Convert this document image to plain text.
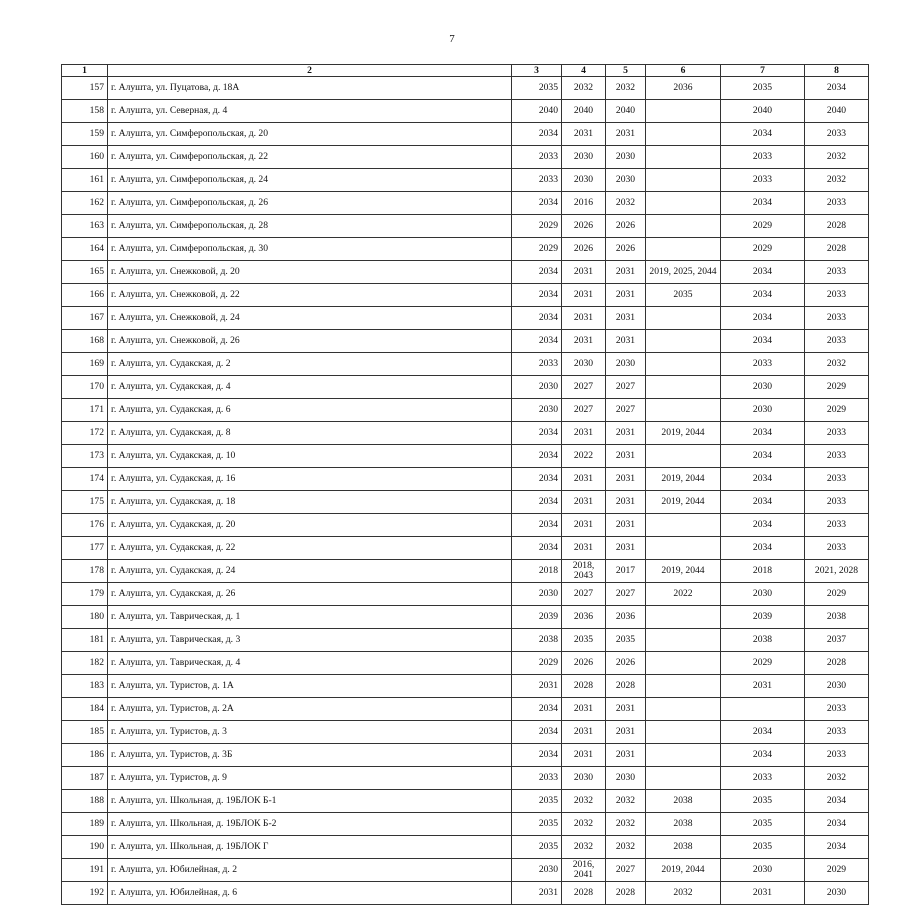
7
1	2	3	4	5	6	7	8
157	г. Алушта, ул. Пуцатова, д. 18А	2035	2032	2032	2036	2035	2034
158	г. Алушта, ул. Северная, д. 4	2040	2040	2040		2040	2040
159	г. Алушта, ул. Симферопольская, д. 20	2034	2031	2031		2034	2033
160	г. Алушта, ул. Симферопольская, д. 22	2033	2030	2030		2033	2032
161	г. Алушта, ул. Симферопольская, д. 24	2033	2030	2030		2033	2032
162	г. Алушта, ул. Симферопольская, д. 26	2034	2016	2032		2034	2033
163	г. Алушта, ул. Симферопольская, д. 28	2029	2026	2026		2029	2028
164	г. Алушта, ул. Симферопольская, д. 30	2029	2026	2026		2029	2028
165	г. Алушта, ул. Снежковой, д. 20	2034	2031	2031	2019, 2025, 2044	2034	2033
166	г. Алушта, ул. Снежковой, д. 22	2034	2031	2031	2035	2034	2033
167	г. Алушта, ул. Снежковой, д. 24	2034	2031	2031		2034	2033
168	г. Алушта, ул. Снежковой, д. 26	2034	2031	2031		2034	2033
169	г. Алушта, ул. Судакская, д. 2	2033	2030	2030		2033	2032
170	г. Алушта, ул. Судакская, д. 4	2030	2027	2027		2030	2029
171	г. Алушта, ул. Судакская, д. 6	2030	2027	2027		2030	2029
172	г. Алушта, ул. Судакская, д. 8	2034	2031	2031	2019, 2044	2034	2033
173	г. Алушта, ул. Судакская, д. 10	2034	2022	2031		2034	2033
174	г. Алушта, ул. Судакская, д. 16	2034	2031	2031	2019, 2044	2034	2033
175	г. Алушта, ул. Судакская, д. 18	2034	2031	2031	2019, 2044	2034	2033
176	г. Алушта, ул. Судакская, д. 20	2034	2031	2031		2034	2033
177	г. Алушта, ул. Судакская, д. 22	2034	2031	2031		2034	2033
178	г. Алушта, ул. Судакская, д. 24	2018	2018, 2043	2017	2019, 2044	2018	2021, 2028
179	г. Алушта, ул. Судакская, д. 26	2030	2027	2027	2022	2030	2029
180	г. Алушта, ул. Таврическая, д. 1	2039	2036	2036		2039	2038
181	г. Алушта, ул. Таврическая, д. 3	2038	2035	2035		2038	2037
182	г. Алушта, ул. Таврическая, д. 4	2029	2026	2026		2029	2028
183	г. Алушта, ул. Туристов, д. 1А	2031	2028	2028		2031	2030
184	г. Алушта, ул. Туристов, д. 2А	2034	2031	2031			2033
185	г. Алушта, ул. Туристов, д. 3	2034	2031	2031		2034	2033
186	г. Алушта, ул. Туристов, д. 3Б	2034	2031	2031		2034	2033
187	г. Алушта, ул. Туристов, д. 9	2033	2030	2030		2033	2032
188	г. Алушта, ул. Школьная, д. 19БЛОК Б-1	2035	2032	2032	2038	2035	2034
189	г. Алушта, ул. Школьная, д. 19БЛОК Б-2	2035	2032	2032	2038	2035	2034
190	г. Алушта, ул. Школьная, д. 19БЛОК Г	2035	2032	2032	2038	2035	2034
191	г. Алушта, ул. Юбилейная, д. 2	2030	2016, 2041	2027	2019, 2044	2030	2029
192	г. Алушта, ул. Юбилейная, д. 6	2031	2028	2028	2032	2031	2030
